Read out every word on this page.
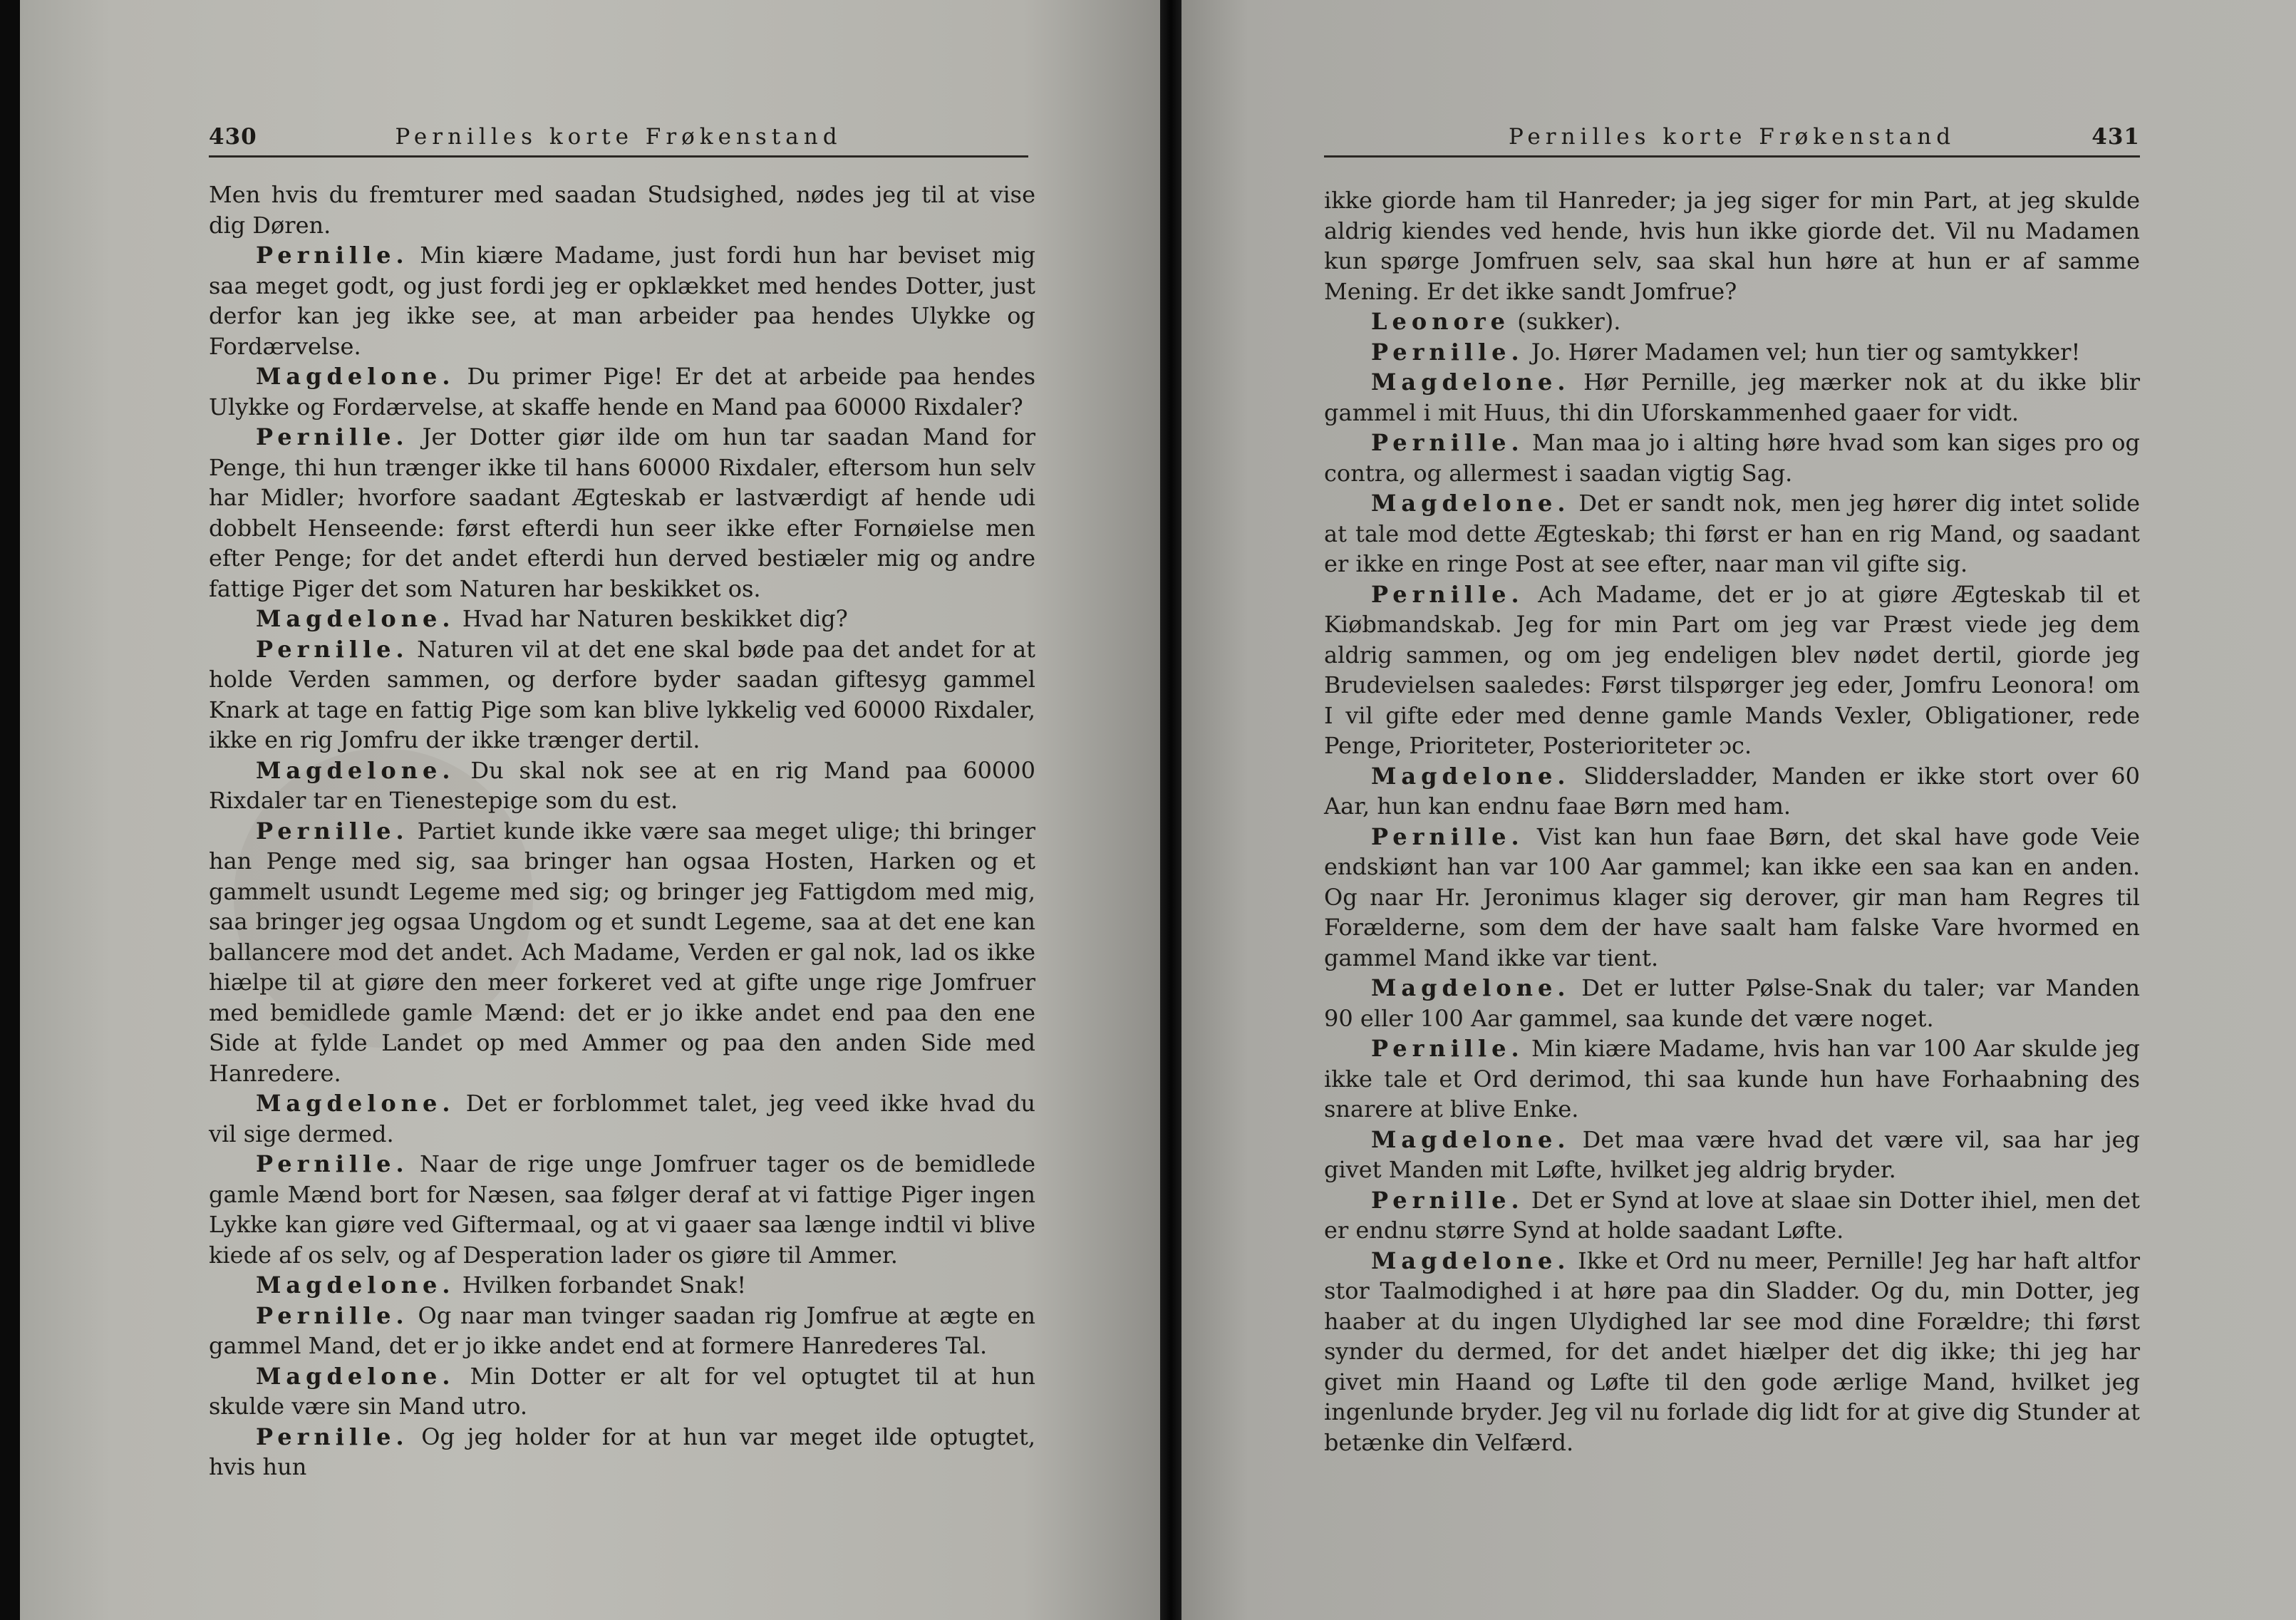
430	Pernilles korte Frøkenstand

Men hvis du fremturer med saadan Studsighed, nødes jeg til at vise dig Døren.

Pernille. Min kiære Madame, just fordi hun har beviset mig saa meget godt, og just fordi jeg er opklækket med hendes Dotter, just derfor kan jeg ikke see, at man arbeider paa hendes Ulykke og Fordærvelse.

Magdelone. Du primer Pige! Er det at arbeide paa hendes Ulykke og Fordærvelse, at skaffe hende en Mand paa 60000 Rixdaler?

Pernille. Jer Dotter giør ilde om hun tar saadan Mand for Penge, thi hun trænger ikke til hans 60000 Rixdaler, eftersom hun selv har Midler; hvorfore saadant Ægteskab er lastværdigt af hende udi dobbelt Henseende: først efterdi hun seer ikke efter Fornøielse men efter Penge; for det andet efterdi hun derved bestiæler mig og andre fattige Piger det som Naturen har beskikket os.

Magdelone. Hvad har Naturen beskikket dig?

Pernille. Naturen vil at det ene skal bøde paa det andet for at holde Verden sammen, og derfore byder saadan giftesyg gammel Knark at tage en fattig Pige som kan blive lykkelig ved 60000 Rixdaler, ikke en rig Jomfru der ikke trænger dertil.

Magdelone. Du skal nok see at en rig Mand paa 60000 Rixdaler tar en Tienestepige som du est.

Pernille. Partiet kunde ikke være saa meget ulige; thi bringer han Penge med sig, saa bringer han ogsaa Hosten, Harken og et gammelt usundt Legeme med sig; og bringer jeg Fattigdom med mig, saa bringer jeg ogsaa Ungdom og et sundt Legeme, saa at det ene kan ballancere mod det andet. Ach Madame, Verden er gal nok, lad os ikke hiælpe til at giøre den meer forkeret ved at gifte unge rige Jomfruer med bemidlede gamle Mænd: det er jo ikke andet end paa den ene Side at fylde Landet op med Ammer og paa den anden Side med Hanredere.

Magdelone. Det er forblommet talet, jeg veed ikke hvad du vil sige dermed.

Pernille. Naar de rige unge Jomfruer tager os de bemidlede gamle Mænd bort for Næsen, saa følger deraf at vi fattige Piger ingen Lykke kan giøre ved Giftermaal, og at vi gaaer saa længe indtil vi blive kiede af os selv, og af Desperation lader os giøre til Ammer.

Magdelone. Hvilken forbandet Snak!

Pernille. Og naar man tvinger saadan rig Jomfrue at ægte en gammel Mand, det er jo ikke andet end at formere Hanrederes Tal.

Magdelone. Min Dotter er alt for vel optugtet til at hun skulde være sin Mand utro.

Pernille. Og jeg holder for at hun var meget ilde optugtet, hvis hun

Pernilles korte Frøkenstand	431

ikke giorde ham til Hanreder; ja jeg siger for min Part, at jeg skulde aldrig kiendes ved hende, hvis hun ikke giorde det. Vil nu Madamen kun spørge Jomfruen selv, saa skal hun høre at hun er af samme Mening. Er det ikke sandt Jomfrue?

Leonore (sukker).

Pernille. Jo. Hører Madamen vel; hun tier og samtykker!

Magdelone. Hør Pernille, jeg mærker nok at du ikke blir gammel i mit Huus, thi din Uforskammenhed gaaer for vidt.

Pernille. Man maa jo i alting høre hvad som kan siges pro og contra, og allermest i saadan vigtig Sag.

Magdelone. Det er sandt nok, men jeg hører dig intet solide at tale mod dette Ægteskab; thi først er han en rig Mand, og saadant er ikke en ringe Post at see efter, naar man vil gifte sig.

Pernille. Ach Madame, det er jo at giøre Ægteskab til et Kiøbmandskab. Jeg for min Part om jeg var Præst viede jeg dem aldrig sammen, og om jeg endeligen blev nødet dertil, giorde jeg Brudevielsen saaledes: Først tilspørger jeg eder, Jomfru Leonora! om I vil gifte eder med denne gamle Mands Vexler, Obligationer, rede Penge, Prioriteter, Posterioriteter ɔc.

Magdelone. Sliddersladder, Manden er ikke stort over 60 Aar, hun kan endnu faae Børn med ham.

Pernille. Vist kan hun faae Børn, det skal have gode Veie endskiønt han var 100 Aar gammel; kan ikke een saa kan en anden. Og naar Hr. Jeronimus klager sig derover, gir man ham Regres til Forælderne, som dem der have saalt ham falske Vare hvormed en gammel Mand ikke var tient.

Magdelone. Det er lutter Pølse-Snak du taler; var Manden 90 eller 100 Aar gammel, saa kunde det være noget.

Pernille. Min kiære Madame, hvis han var 100 Aar skulde jeg ikke tale et Ord derimod, thi saa kunde hun have Forhaabning des snarere at blive Enke.

Magdelone. Det maa være hvad det være vil, saa har jeg givet Manden mit Løfte, hvilket jeg aldrig bryder.

Pernille. Det er Synd at love at slaae sin Dotter ihiel, men det er endnu større Synd at holde saadant Løfte.

Magdelone. Ikke et Ord nu meer, Pernille! Jeg har haft altfor stor Taalmodighed i at høre paa din Sladder. Og du, min Dotter, jeg haaber at du ingen Ulydighed lar see mod dine Forældre; thi først synder du dermed, for det andet hiælper det dig ikke; thi jeg har givet min Haand og Løfte til den gode ærlige Mand, hvilket jeg ingenlunde bryder. Jeg vil nu forlade dig lidt for at give dig Stunder at betænke din Velfærd.
